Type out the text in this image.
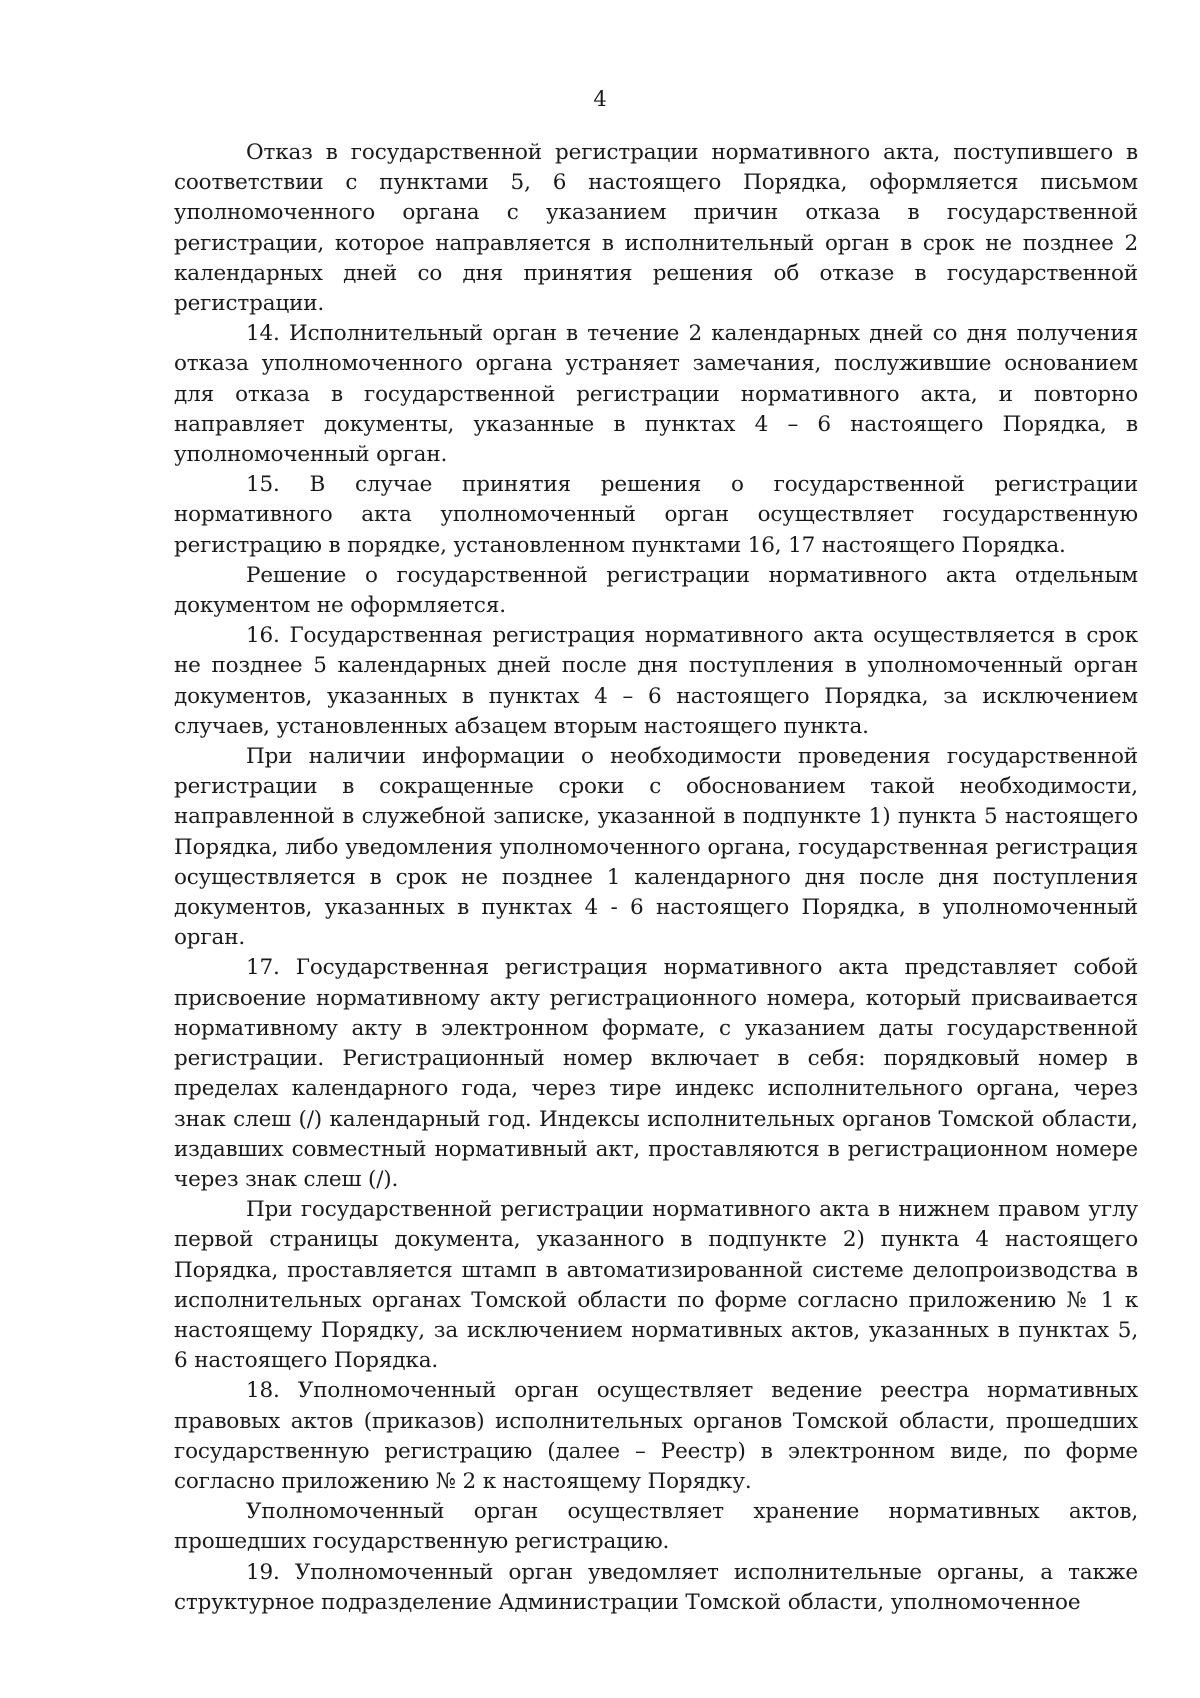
4

Отказ в государственной регистрации нормативного акта, поступившего в соответствии с пунктами 5, 6 настоящего Порядка, оформляется письмом уполномоченного органа с указанием причин отказа в государственной регистрации, которое направляется в исполнительный орган в срок не позднее 2 календарных дней со дня принятия решения об отказе в государственной регистрации.

14. Исполнительный орган в течение 2 календарных дней со дня получения отказа уполномоченного органа устраняет замечания, послужившие основанием для отказа в государственной регистрации нормативного акта, и повторно направляет документы, указанные в пунктах 4 – 6 настоящего Порядка, в уполномоченный орган.

15. В случае принятия решения о государственной регистрации нормативного акта уполномоченный орган осуществляет государственную регистрацию в порядке, установленном пунктами 16, 17 настоящего Порядка.

Решение о государственной регистрации нормативного акта отдельным документом не оформляется.

16. Государственная регистрация нормативного акта осуществляется в срок не позднее 5 календарных дней после дня поступления в уполномоченный орган документов, указанных в пунктах 4 – 6 настоящего Порядка, за исключением случаев, установленных абзацем вторым настоящего пункта.

При наличии информации о необходимости проведения государственной регистрации в сокращенные сроки с обоснованием такой необходимости, направленной в служебной записке, указанной в подпункте 1) пункта 5 настоящего Порядка, либо уведомления уполномоченного органа, государственная регистрация осуществляется в срок не позднее 1 календарного дня после дня поступления документов, указанных в пунктах 4 - 6 настоящего Порядка, в уполномоченный орган.

17. Государственная регистрация нормативного акта представляет собой присвоение нормативному акту регистрационного номера, который присваивается нормативному акту в электронном формате, с указанием даты государственной регистрации. Регистрационный номер включает в себя: порядковый номер в пределах календарного года, через тире индекс исполнительного органа, через знак слеш (/) календарный год. Индексы исполнительных органов Томской области, издавших совместный нормативный акт, проставляются в регистрационном номере через знак слеш (/).

При государственной регистрации нормативного акта в нижнем правом углу первой страницы документа, указанного в подпункте 2) пункта 4 настоящего Порядка, проставляется штамп в автоматизированной системе делопроизводства в исполнительных органах Томской области по форме согласно приложению № 1 к настоящему Порядку, за исключением нормативных актов, указанных в пунктах 5, 6 настоящего Порядка.

18. Уполномоченный орган осуществляет ведение реестра нормативных правовых актов (приказов) исполнительных органов Томской области, прошедших государственную регистрацию (далее – Реестр) в электронном виде, по форме согласно приложению № 2 к настоящему Порядку.

Уполномоченный орган осуществляет хранение нормативных актов, прошедших государственную регистрацию.

19. Уполномоченный орган уведомляет исполнительные органы, а также структурное подразделение Администрации Томской области, уполномоченное
